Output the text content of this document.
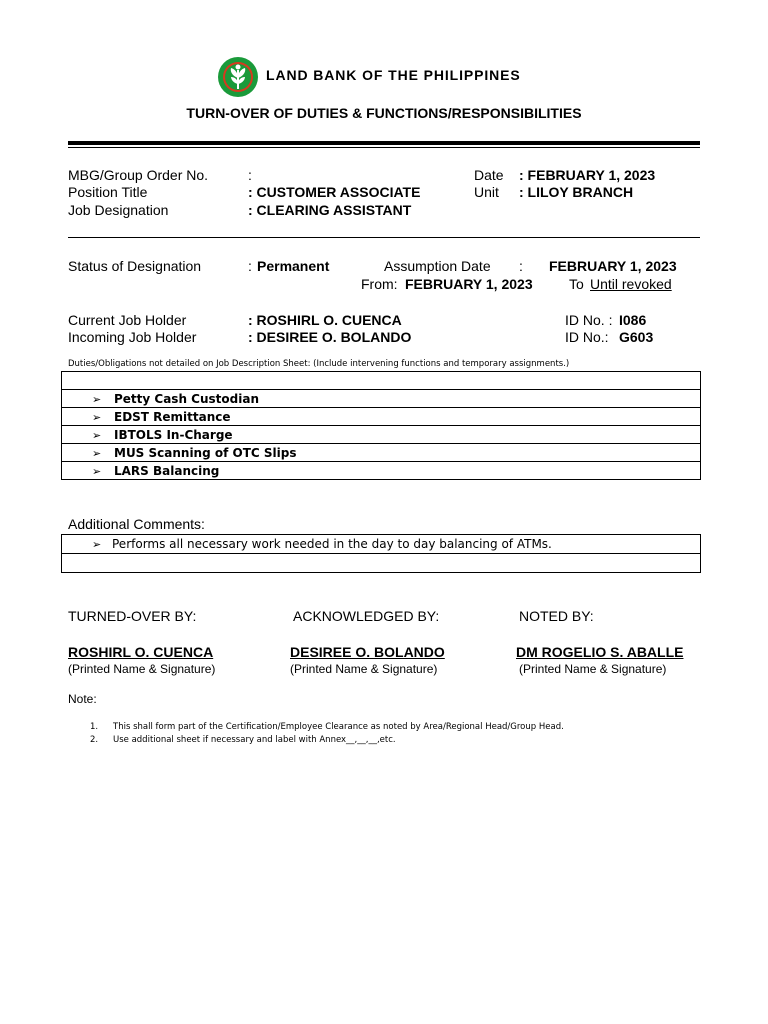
LAND BANK OF THE PHILIPPINES
TURN-OVER OF DUTIES & FUNCTIONS/RESPONSIBILITIES
MBG/Group Order No.	:
Position Title	: CUSTOMER ASSOCIATE
Job Designation	: CLEARING ASSISTANT
Date : FEBRUARY 1, 2023
Unit : LILOY BRANCH
Status of Designation	: Permanent	Assumption Date : FEBRUARY 1, 2023
From: FEBRUARY 1, 2023	To Until revoked
Current Job Holder	: ROSHIRL O. CUENCA	ID No. : I086
Incoming Job Holder	: DESIREE O. BOLANDO	ID No.: G603
Duties/Obligations not detailed on Job Description Sheet: (Include intervening functions and temporary assignments.)

➢ Petty Cash Custodian
➢ EDST Remittance
➢ IBTOLS In-Charge
➢ MUS Scanning of OTC Slips
➢ LARS Balancing
Additional Comments:
➢ Performs all necessary work needed in the day to day balancing of ATMs.

TURNED-OVER BY:	ACKNOWLEDGED BY:	NOTED BY:
ROSHIRL O. CUENCA	DESIREE O. BOLANDO	DM ROGELIO S. ABALLE
(Printed Name & Signature)	(Printed Name & Signature)	(Printed Name & Signature)
Note:
1. This shall form part of the Certification/Employee Clearance as noted by Area/Regional Head/Group Head.
2. Use additional sheet if necessary and label with Annex__,__,__,etc.
